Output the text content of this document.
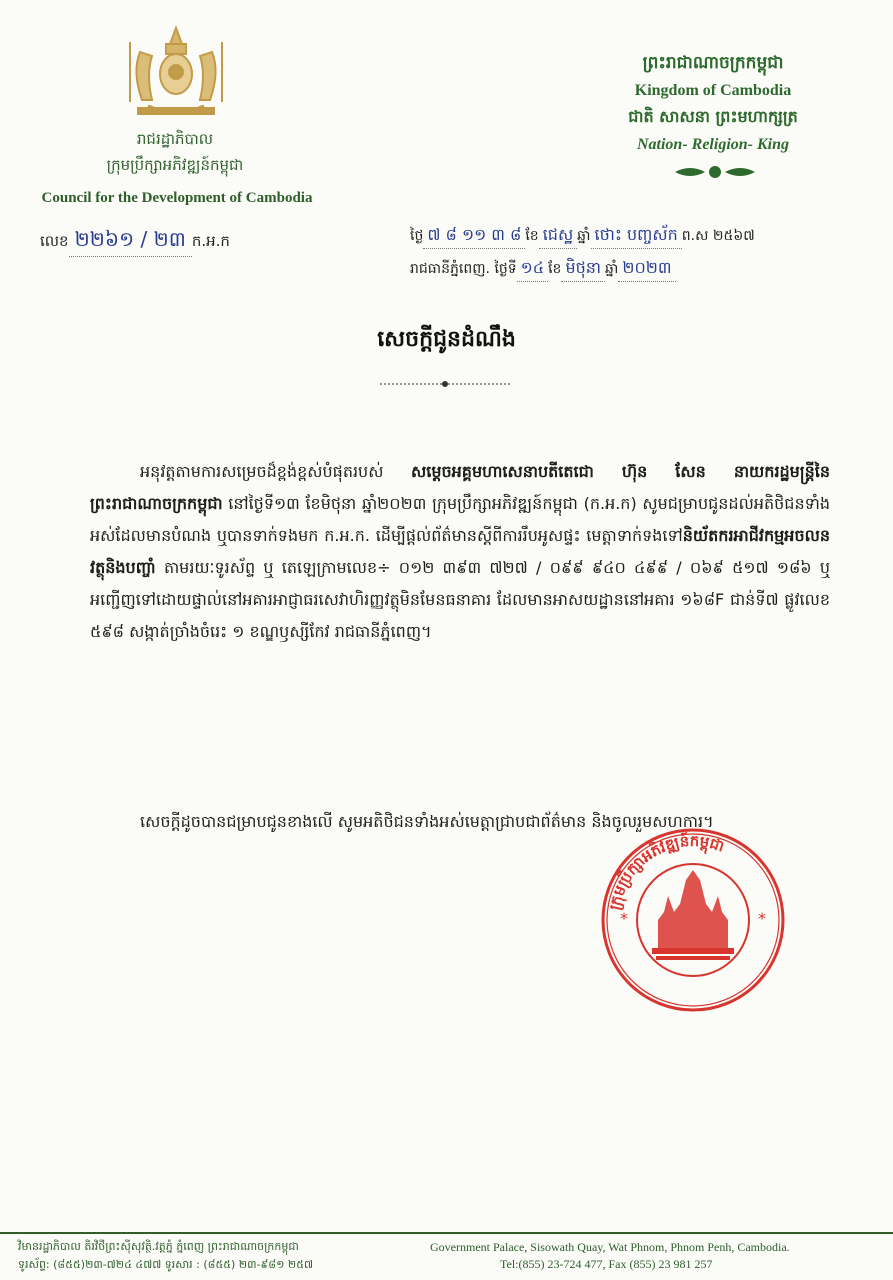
រាជរដ្ឋាភិបាល
ក្រុមប្រឹក្សាអភិវឌ្ឍន៍កម្ពុជា
Council for the Development of Cambodia
ព្រះរាជាណាចក្រកម្ពុជា
Kingdom of Cambodia
ជាតិ សាសនា ព្រះមហាក្សត្រ
Nation- Religion- King
លេខ ២២៦១ / ២៣ ក.អ.ក	ថ្ងៃ ៧ ៨ ១១ ៣ ៨ ខែ ជេស្ឋ ឆ្នាំ ថោះ បញ្ចស័ក ព.ស ២៥៦៧
រាជធានីភ្នំពេញ. ថ្ងៃទី ១៤ ខែ មិថុនា ឆ្នាំ ២០២៣
សេចក្តីជូនដំណឹង
អនុវត្តតាមការសម្រេចដ៏ខ្ពង់ខ្ពស់បំផុតរបស់ សម្តេចអគ្គមហាសេនាបតីតេជោ ហ៊ុន សែន នាយករដ្ឋមន្ត្រីនៃព្រះរាជាណាចក្រកម្ពុជា នៅថ្ងៃទី១៣ ខែមិថុនា ឆ្នាំ២០២៣ ក្រុមប្រឹក្សាអភិវឌ្ឍន៍កម្ពុជា (ក.អ.ក) សូមជម្រាបជូនដល់អតិថិជនទាំងអស់ដែលមានបំណង ឬបានទាក់ទងមក ក.អ.ក. ដើម្បីផ្តល់ព័ត៌មានស្តីពីការរឹបអូសផ្ទះ មេត្តាទាក់ទងទៅនិយ័តករអាជីវកម្មអចលនវត្ថុនិងបញ្ចាំ តាមរយៈទូរស័ព្ទ ឬ តេឡេក្រាមលេខ÷ ០១២ ៣៩៣ ៧២៧ / ០៩៩ ៩៤០ ៤៩៩ / ០៦៩ ៥១៧ ១៨៦ ឬ អញ្ជើញទៅដោយផ្ទាល់នៅអគារអាជ្ញាធរសេវាហិរញ្ញវត្ថុមិនមែនធនាគារ ដែលមានអាសយដ្ឋាននៅអគារ ១៦៨F ជាន់ទី៧ ផ្លូវលេខ ៥៩៨ សង្កាត់ច្រាំងចំរេះ ១ ខណ្ឌឫស្សីកែវ រាជធានីភ្នំពេញ។
សេចក្តីដូចបានជម្រាបជូនខាងលើ សូមអតិថិជនទាំងអស់មេត្តាជ្រាបជាព័ត៌មាន និងចូលរួមសហការ។
ក្រុមប្រឹក្សាអភិវឌ្ឍន៍កម្ពុជា
*	*
វិមានរដ្ឋាភិបាល តិរវិថីព្រះស៊ីសុវត្ថិ.វត្តភ្នំ ភ្នំពេញ ព្រះរាជាណាចក្រកម្ពុជា
ទូរស័ព្ទ: (៨៥៥)២៣-៧២៤ ៤៧៧ ទូរសារ : (៨៥៥) ២៣-៩៨១ ២៥៧
Government Palace, Sisowath Quay, Wat Phnom, Phnom Penh, Cambodia.
Tel:(855) 23-724 477, Fax (855) 23 981 257
